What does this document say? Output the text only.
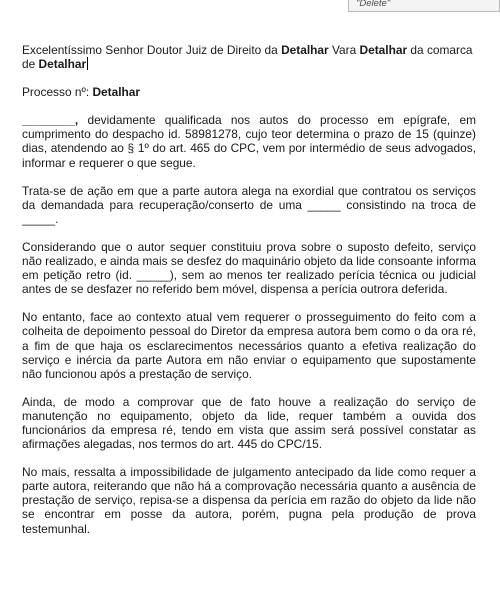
"Delete"

Excelentíssimo Senhor Doutor Juiz de Direito da Detalhar Vara Detalhar da comarca de Detalhar

Processo nº: Detalhar

________, devidamente qualificada nos autos do processo em epígrafe, em cumprimento do despacho id. 58981278, cujo teor determina o prazo de 15 (quinze) dias, atendendo ao § 1º do art. 465 do CPC, vem por intermédio de seus advogados, informar e requerer o que segue.

Trata-se de ação em que a parte autora alega na exordial que contratou os serviços da demandada para recuperação/conserto de uma _____ consistindo na troca de _____.

Considerando que o autor sequer constituiu prova sobre o suposto defeito, serviço não realizado, e ainda mais se desfez do maquinário objeto da lide consoante informa em petição retro (id. _____), sem ao menos ter realizado perícia técnica ou judicial antes de se desfazer no referido bem móvel, dispensa a perícia outrora deferida.

No entanto, face ao contexto atual vem requerer o prosseguimento do feito com a colheita de depoimento pessoal do Diretor da empresa autora bem como o da ora ré, a fim de que haja os esclarecimentos necessários quanto a efetiva realização do serviço e inércia da parte Autora em não enviar o equipamento que supostamente não funcionou após a prestação de serviço.

Ainda, de modo a comprovar que de fato houve a realização do serviço de manutenção no equipamento, objeto da lide, requer também a ouvida dos funcionários da empresa ré, tendo em vista que assim será possível constatar as afirmações alegadas, nos termos do art. 445 do CPC/15.

No mais, ressalta a impossibilidade de julgamento antecipado da lide como requer a parte autora, reiterando que não há a comprovação necessária quanto a ausência de prestação de serviço, repisa-se a dispensa da perícia em razão do objeto da lide não se encontrar em posse da autora, porém, pugna pela produção de prova testemunhal.
